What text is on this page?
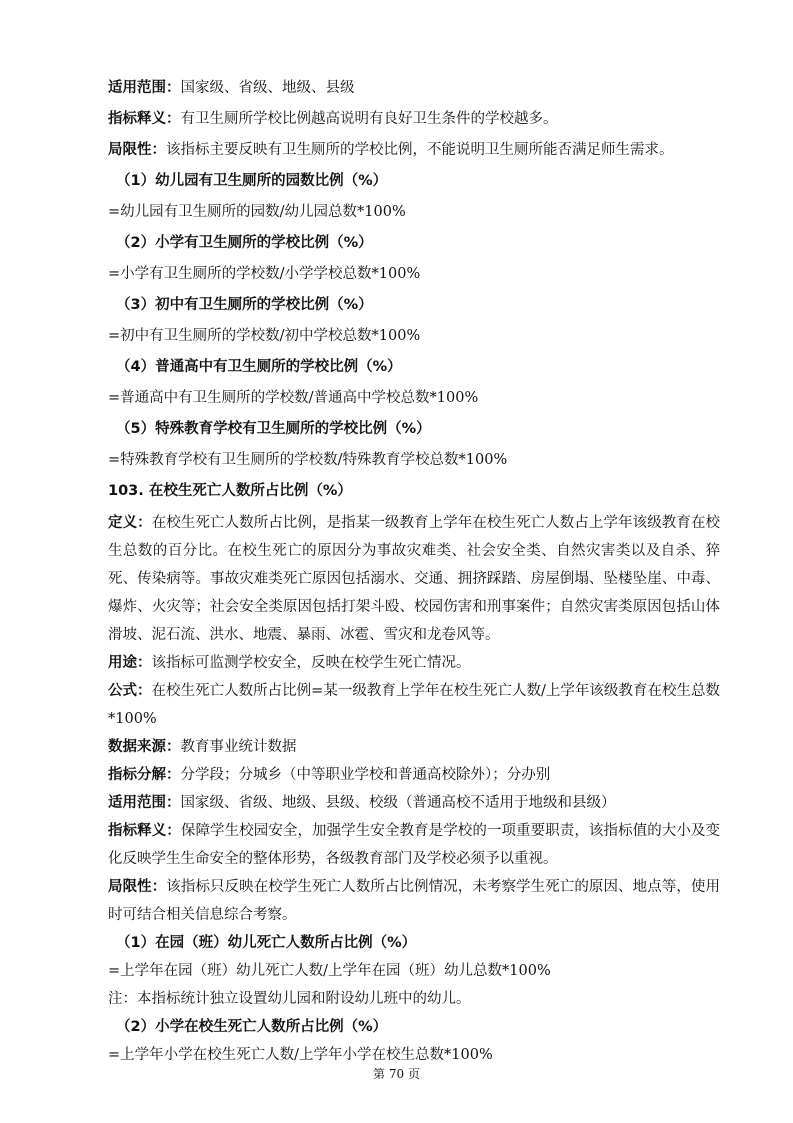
适用范围：国家级、省级、地级、县级
指标释义：有卫生厕所学校比例越高说明有良好卫生条件的学校越多。
局限性：该指标主要反映有卫生厕所的学校比例，不能说明卫生厕所能否满足师生需求。
（1）幼儿园有卫生厕所的园数比例（%）
=幼儿园有卫生厕所的园数/幼儿园总数*100%
（2）小学有卫生厕所的学校比例（%）
=小学有卫生厕所的学校数/小学学校总数*100%
（3）初中有卫生厕所的学校比例（%）
=初中有卫生厕所的学校数/初中学校总数*100%
（4）普通高中有卫生厕所的学校比例（%）
=普通高中有卫生厕所的学校数/普通高中学校总数*100%
（5）特殊教育学校有卫生厕所的学校比例（%）
=特殊教育学校有卫生厕所的学校数/特殊教育学校总数*100%
103. 在校生死亡人数所占比例（%）
定义：在校生死亡人数所占比例，是指某一级教育上学年在校生死亡人数占上学年该级教育在校生总数的百分比。在校生死亡的原因分为事故灾难类、社会安全类、自然灾害类以及自杀、猝死、传染病等。事故灾难类死亡原因包括溺水、交通、拥挤踩踏、房屋倒塌、坠楼坠崖、中毒、爆炸、火灾等；社会安全类原因包括打架斗殴、校园伤害和刑事案件；自然灾害类原因包括山体滑坡、泥石流、洪水、地震、暴雨、冰雹、雪灾和龙卷风等。
用途：该指标可监测学校安全，反映在校学生死亡情况。
公式：在校生死亡人数所占比例=某一级教育上学年在校生死亡人数/上学年该级教育在校生总数*100%
数据来源：教育事业统计数据
指标分解：分学段；分城乡（中等职业学校和普通高校除外）；分办别
适用范围：国家级、省级、地级、县级、校级（普通高校不适用于地级和县级）
指标释义：保障学生校园安全，加强学生安全教育是学校的一项重要职责，该指标值的大小及变化反映学生生命安全的整体形势，各级教育部门及学校必须予以重视。
局限性：该指标只反映在校学生死亡人数所占比例情况，未考察学生死亡的原因、地点等，使用时可结合相关信息综合考察。
（1）在园（班）幼儿死亡人数所占比例（%）
=上学年在园（班）幼儿死亡人数/上学年在园（班）幼儿总数*100%
注：本指标统计独立设置幼儿园和附设幼儿班中的幼儿。
（2）小学在校生死亡人数所占比例（%）
=上学年小学在校生死亡人数/上学年小学在校生总数*100%
第 70 页
